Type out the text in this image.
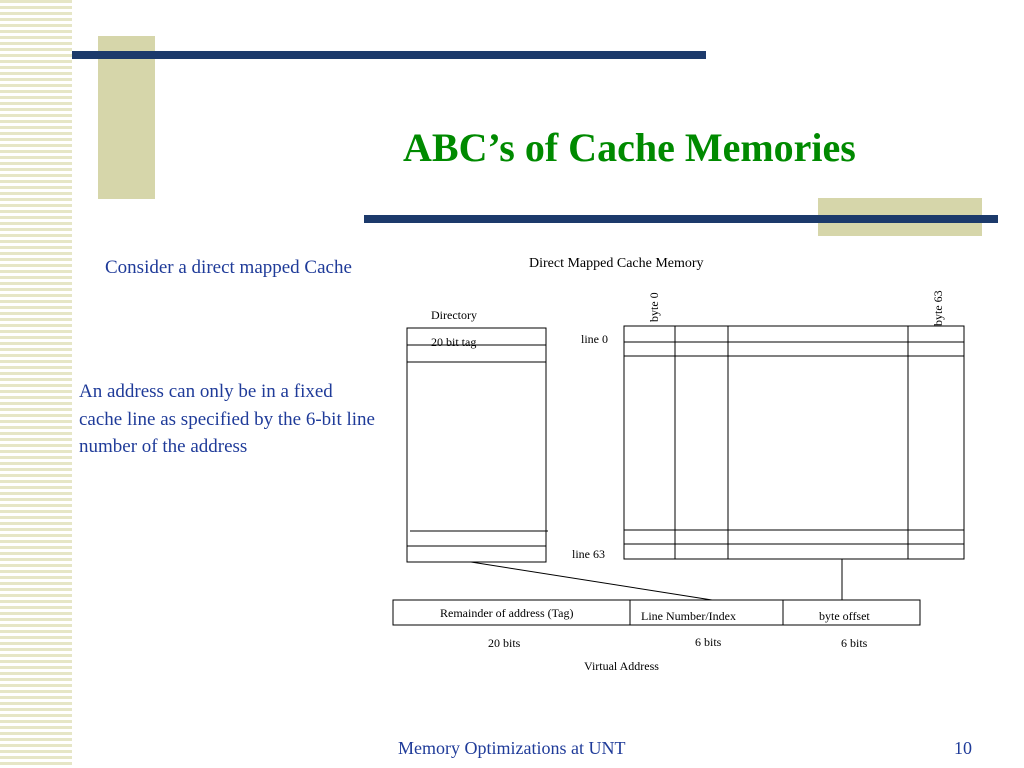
ABC’s of Cache Memories
Consider a direct mapped Cache
An address can only be in a fixed cache line as specified by the 6-bit line number of the address
Direct Mapped Cache Memory
Directory
20 bit tag	line 0
line 63
byte 0	byte 63
Remainder of address (Tag)	Line Number/Index	byte offset
20 bits	6 bits	6 bits
Virtual Address
Memory Optimizations at UNT	10
